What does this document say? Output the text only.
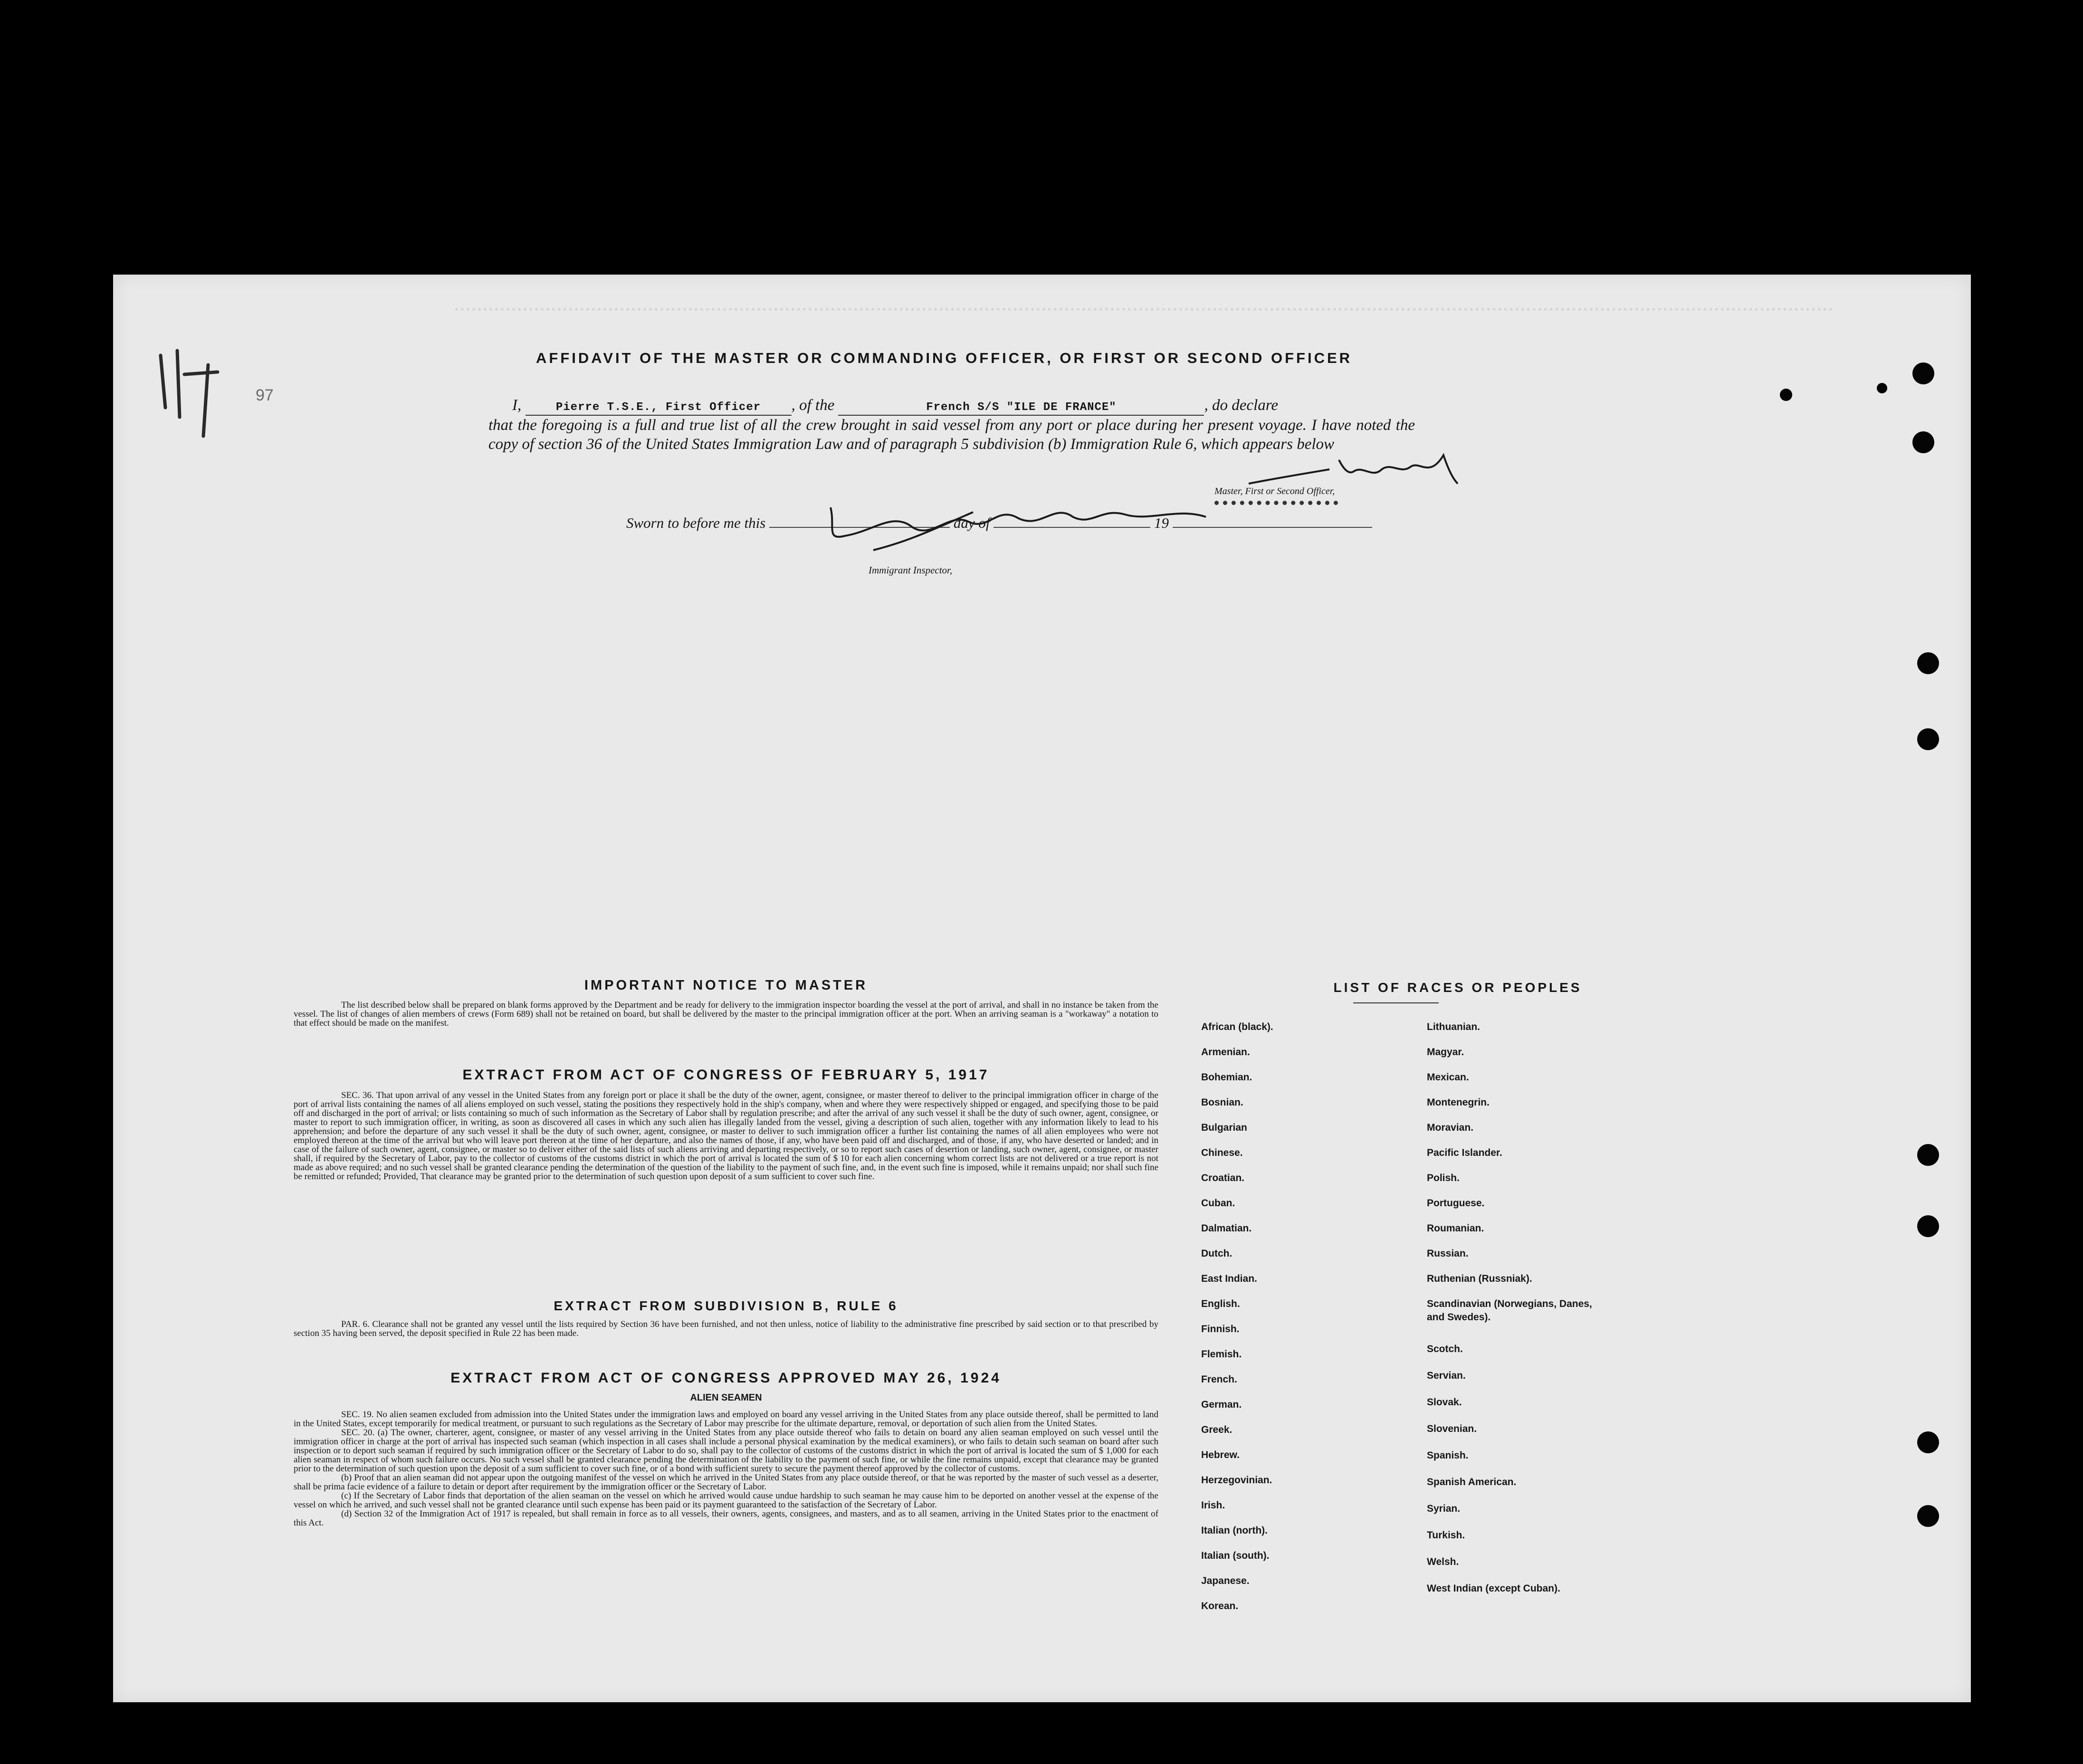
97
AFFIDAVIT OF THE MASTER OR COMMANDING OFFICER, OR FIRST OR SECOND OFFICER
I,	Pierre T.S.E., First Officer , of the	French S/S "ILE DE FRANCE"	, do declare
that the foregoing is a full and true list of all the crew brought in said vessel from any port or place during her present voyage. I have noted the copy of section 36 of the United States Immigration Law and of paragraph 5 subdivision (b) Immigration Rule 6, which appears below
Master, First or Second Officer,
Sworn to before me this	day of	19
Immigrant Inspector,
IMPORTANT NOTICE TO MASTER
The list described below shall be prepared on blank forms approved by the Department and be ready for delivery to the immigration inspector boarding the vessel at the port of arrival, and shall in no instance be taken from the vessel. The list of changes of alien members of crews (Form 689) shall not be retained on board, but shall be delivered by the master to the principal immigration officer at the port. When an arriving seaman is a "workaway" a notation to that effect should be made on the manifest.
EXTRACT FROM ACT OF CONGRESS OF FEBRUARY 5, 1917
SEC. 36. That upon arrival of any vessel in the United States from any foreign port or place it shall be the duty of the owner, agent, consignee, or master thereof to deliver to the principal immigration officer in charge of the port of arrival lists containing the names of all aliens employed on such vessel, stating the positions they respectively hold in the ship's company, when and where they were respectively shipped or engaged, and specifying those to be paid off and discharged in the port of arrival; or lists containing so much of such information as the Secretary of Labor shall by regulation prescribe; and after the arrival of any such vessel it shall be the duty of such owner, agent, consignee, or master to report to such immigration officer, in writing, as soon as discovered all cases in which any such alien has illegally landed from the vessel, giving a description of such alien, together with any information likely to lead to his apprehension; and before the departure of any such vessel it shall be the duty of such owner, agent, consignee, or master to deliver to such immigration officer a further list containing the names of all alien employees who were not employed thereon at the time of the arrival but who will leave port thereon at the time of her departure, and also the names of those, if any, who have been paid off and discharged, and of those, if any, who have deserted or landed; and in case of the failure of such owner, agent, consignee, or master so to deliver either of the said lists of such aliens arriving and departing respectively, or so to report such cases of desertion or landing, such owner, agent, consignee, or master shall, if required by the Secretary of Labor, pay to the collector of customs of the customs district in which the port of arrival is located the sum of $ 10 for each alien concerning whom correct lists are not delivered or a true report is not made as above required; and no such vessel shall be granted clearance pending the determination of the question of the liability to the payment of such fine, and, in the event such fine is imposed, while it remains unpaid; nor shall such fine be remitted or refunded; Provided, That clearance may be granted prior to the determination of such question upon deposit of a sum sufficient to cover such fine.
EXTRACT FROM SUBDIVISION B, RULE 6
PAR. 6. Clearance shall not be granted any vessel until the lists required by Section 36 have been furnished, and not then unless, notice of liability to the administrative fine prescribed by said section or to that prescribed by section 35 having been served, the deposit specified in Rule 22 has been made.
EXTRACT FROM ACT OF CONGRESS APPROVED MAY 26, 1924
ALIEN SEAMEN
SEC. 19. No alien seamen excluded from admission into the United States under the immigration laws and employed on board any vessel arriving in the United States from any place outside thereof, shall be permitted to land in the United States, except temporarily for medical treatment, or pursuant to such regulations as the Secretary of Labor may prescribe for the ultimate departure, removal, or deportation of such alien from the United States.
SEC. 20. (a) The owner, charterer, agent, consignee, or master of any vessel arriving in the United States from any place outside thereof who fails to detain on board any alien seaman employed on such vessel until the immigration officer in charge at the port of arrival has inspected such seaman (which inspection in all cases shall include a personal physical examination by the medical examiners), or who fails to detain such seaman on board after such inspection or to deport such seaman if required by such immigration officer or the Secretary of Labor to do so, shall pay to the collector of customs of the customs district in which the port of arrival is located the sum of $ 1,000 for each alien seaman in respect of whom such failure occurs. No such vessel shall be granted clearance pending the determination of the liability to the payment of such fine, or while the fine remains unpaid, except that clearance may be granted prior to the determination of such question upon the deposit of a sum sufficient to cover such fine, or of a bond with sufficient surety to secure the payment thereof approved by the collector of customs.
(b) Proof that an alien seaman did not appear upon the outgoing manifest of the vessel on which he arrived in the United States from any place outside thereof, or that he was reported by the master of such vessel as a deserter, shall be prima facie evidence of a failure to detain or deport after requirement by the immigration officer or the Secretary of Labor.
(c) If the Secretary of Labor finds that deportation of the alien seaman on the vessel on which he arrived would cause undue hardship to such seaman he may cause him to be deported on another vessel at the expense of the vessel on which he arrived, and such vessel shall not be granted clearance until such expense has been paid or its payment guaranteed to the satisfaction of the Secretary of Labor.
(d) Section 32 of the Immigration Act of 1917 is repealed, but shall remain in force as to all vessels, their owners, agents, consignees, and masters, and as to all seamen, arriving in the United States prior to the enactment of this Act.
LIST OF RACES OR PEOPLES
African (black).
Armenian.
Bohemian.
Bosnian.
Bulgarian
Chinese.
Croatian.
Cuban.
Dalmatian.
Dutch.
East Indian.
English.
Finnish.
Flemish.
French.
German.
Greek.
Hebrew.
Herzegovinian.
Irish.
Italian (north).
Italian (south).
Japanese.
Korean.
Lithuanian.
Magyar.
Mexican.
Montenegrin.
Moravian.
Pacific Islander.
Polish.
Portuguese.
Roumanian.
Russian.
Ruthenian (Russniak).
Scandinavian (Norwegians, Danes, and Swedes).
Scotch.
Servian.
Slovak.
Slovenian.
Spanish.
Spanish American.
Syrian.
Turkish.
Welsh.
West Indian (except Cuban).
